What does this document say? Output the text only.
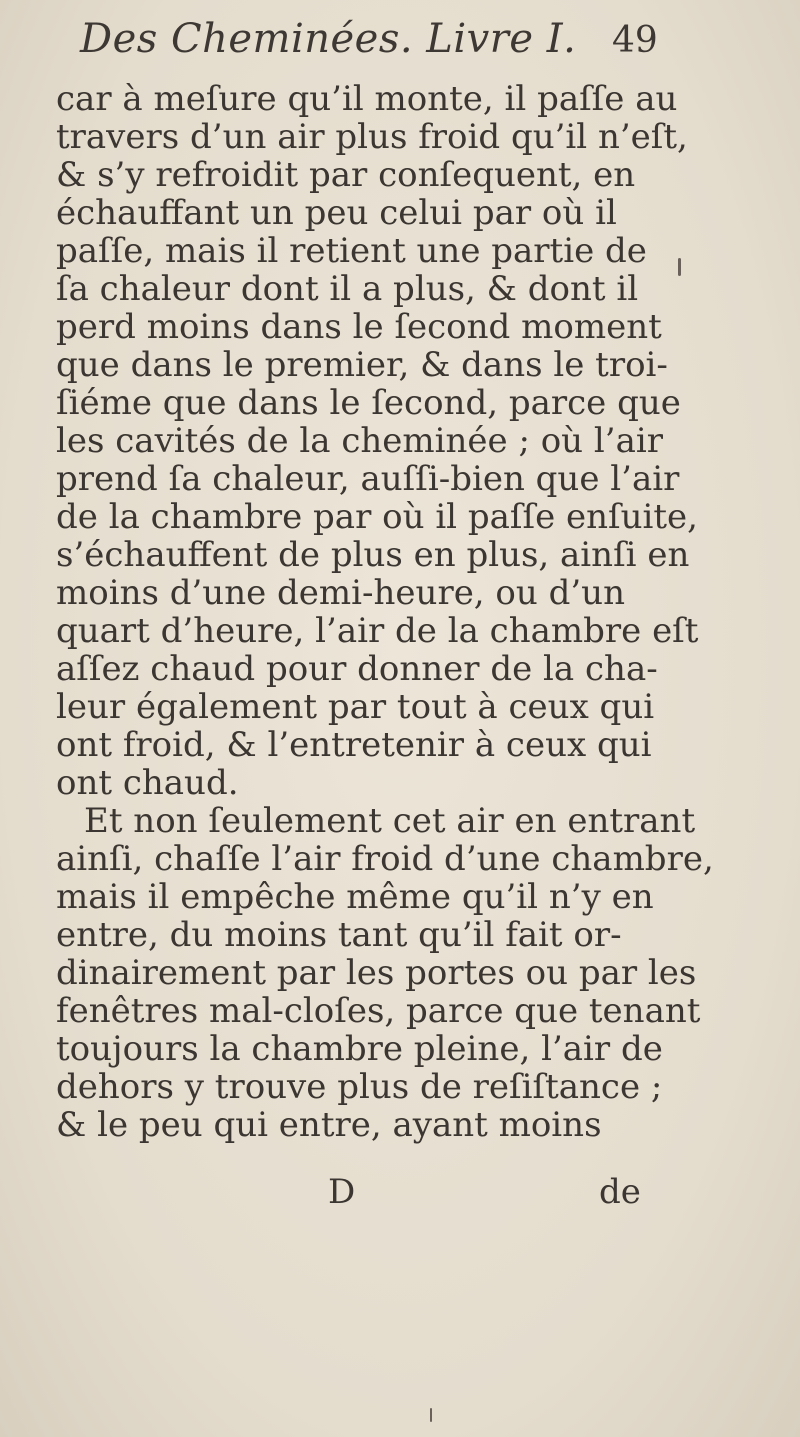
Des Cheminées. Livre I. 49
car à meſure qu’il monte, il paſſe au
travers d’un air plus froid qu’il n’eſt,
& s’y refroidit par conſequent, en
échauffant un peu celui par où il
paſſe, mais il retient une partie de
ſa chaleur dont il a plus, & dont il
perd moins dans le ſecond moment
que dans le premier, & dans le troi-
ſiéme que dans le ſecond, parce que
les cavités de la cheminée ; où l’air
prend ſa chaleur, auſſi-bien que l’air
de la chambre par où il paſſe enſuite,
s’échauffent de plus en plus, ainſi en
moins d’une demi-heure, ou d’un
quart d’heure, l’air de la chambre eſt
aſſez chaud pour donner de la cha-
leur également par tout à ceux qui
ont froid, & l’entretenir à ceux qui
ont chaud.
Et non ſeulement cet air en entrant
ainſi, chaſſe l’air froid d’une chambre,
mais il empêche même qu’il n’y en
entre, du moins tant qu’il fait or-
dinairement par les portes ou par les
fenêtres mal-cloſes, parce que tenant
toujours la chambre pleine, l’air de
dehors y trouve plus de reſiſtance ;
& le peu qui entre, ayant moins
D	de
